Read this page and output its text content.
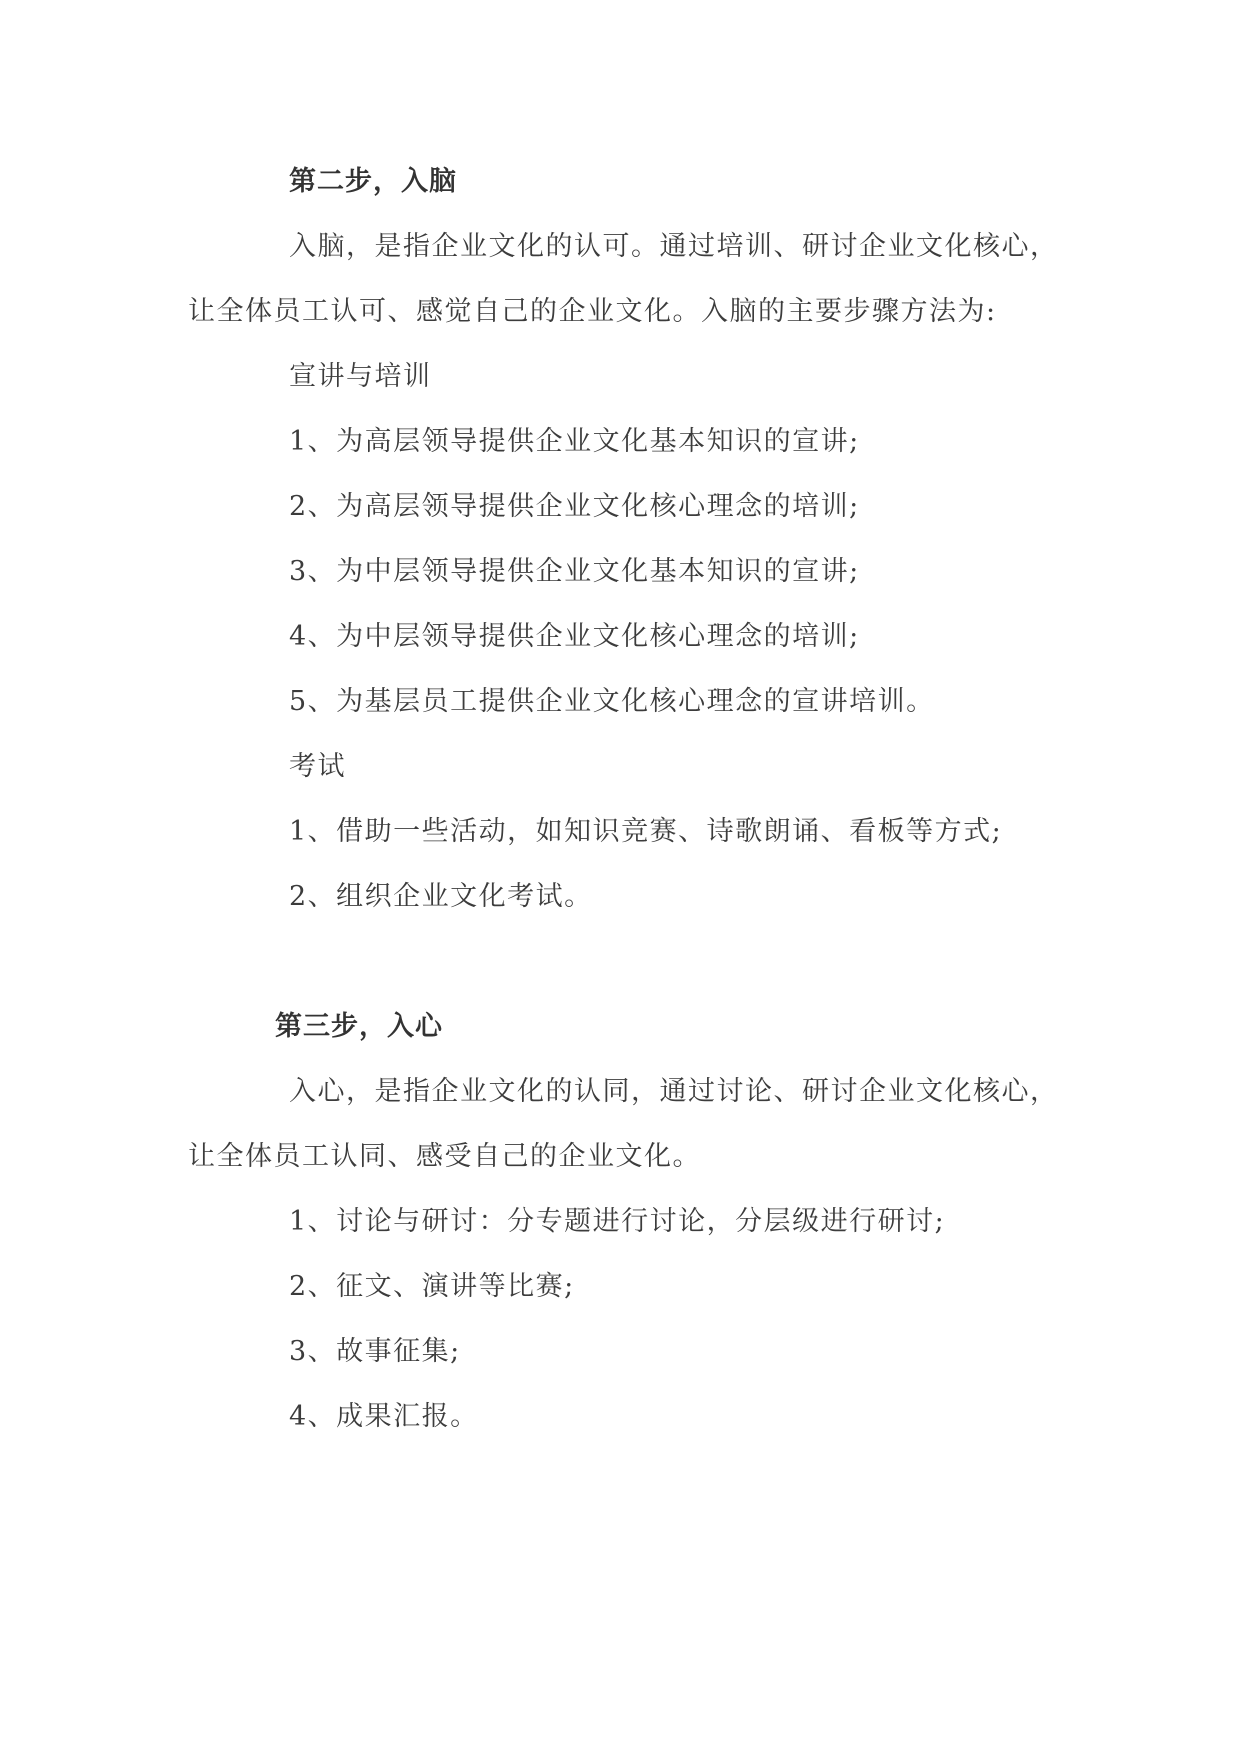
第二步，入脑
入脑，是指企业文化的认可。通过培训、研讨企业文化核心，
让全体员工认可、感觉自己的企业文化。入脑的主要步骤方法为:
宣讲与培训
1、为高层领导提供企业文化基本知识的宣讲;
2、为高层领导提供企业文化核心理念的培训;
3、为中层领导提供企业文化基本知识的宣讲;
4、为中层领导提供企业文化核心理念的培训;
5、为基层员工提供企业文化核心理念的宣讲培训。
考试
1、借助一些活动，如知识竞赛、诗歌朗诵、看板等方式;
2、组织企业文化考试。
第三步，入心
入心，是指企业文化的认同，通过讨论、研讨企业文化核心，
让全体员工认同、感受自己的企业文化。
1、讨论与研讨：分专题进行讨论，分层级进行研讨;
2、征文、演讲等比赛;
3、故事征集;
4、成果汇报。
